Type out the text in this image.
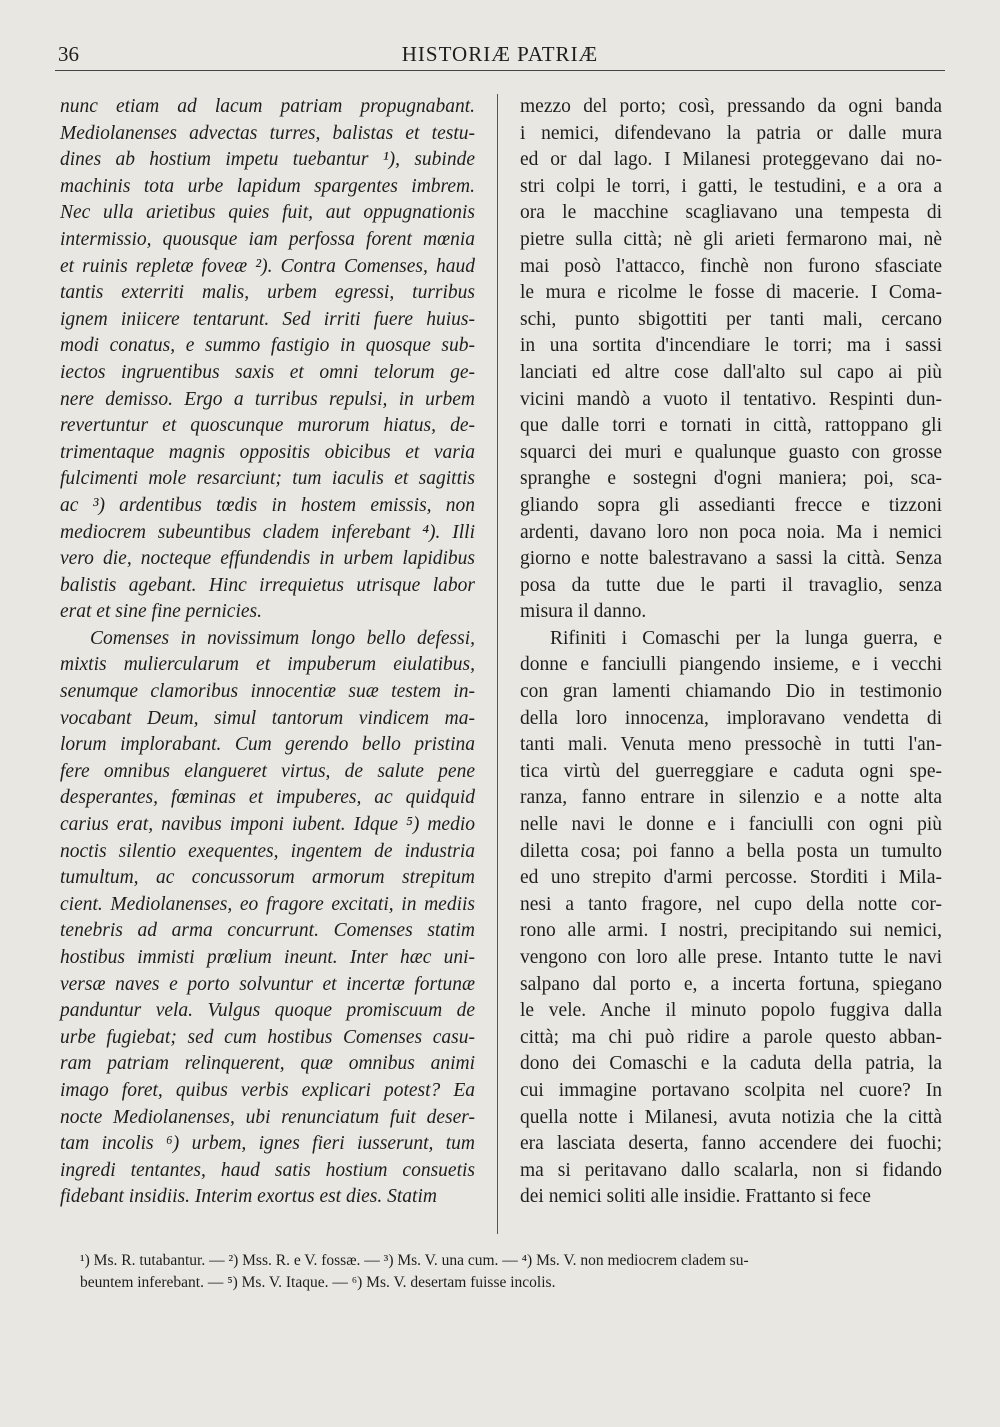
36	HISTORIÆ PATRIÆ
nunc etiam ad lacum patriam propugnabant.
Mediolanenses advectas turres, balistas et testu-
dines ab hostium impetu tuebantur ¹), subinde
machinis tota urbe lapidum spargentes imbrem.
Nec ulla arietibus quies fuit, aut oppugnationis
intermissio, quousque iam perfossa forent mœnia
et ruinis repletæ foveæ ²). Contra Comenses, haud
tantis exterriti malis, urbem egressi, turribus
ignem iniicere tentarunt. Sed irriti fuere huius-
modi conatus, e summo fastigio in quosque sub-
iectos ingruentibus saxis et omni telorum ge-
nere demisso. Ergo a turribus repulsi, in urbem
revertuntur et quoscunque murorum hiatus, de-
trimentaque magnis oppositis obicibus et varia
fulcimenti mole resarciunt; tum iaculis et sagittis
ac ³) ardentibus tœdis in hostem emissis, non
mediocrem subeuntibus cladem inferebant ⁴). Illi
vero die, nocteque effundendis in urbem lapidibus
balistis agebant. Hinc irrequietus utrisque labor
erat et sine fine pernicies.
Comenses in novissimum longo bello defessi,
mixtis muliercularum et impuberum eiulatibus,
senumque clamoribus innocentiæ suæ testem in-
vocabant Deum, simul tantorum vindicem ma-
lorum implorabant. Cum gerendo bello pristina
fere omnibus elangueret virtus, de salute pene
desperantes, fœminas et impuberes, ac quidquid
carius erat, navibus imponi iubent. Idque ⁵) medio
noctis silentio exequentes, ingentem de industria
tumultum, ac concussorum armorum strepitum
cient. Mediolanenses, eo fragore excitati, in mediis
tenebris ad arma concurrunt. Comenses statim
hostibus immisti prœlium ineunt. Inter hæc uni-
versæ naves e porto solvuntur et incertæ fortunæ
panduntur vela. Vulgus quoque promiscuum de
urbe fugiebat; sed cum hostibus Comenses casu-
ram patriam relinquerent, quæ omnibus animi
imago foret, quibus verbis explicari potest? Ea
nocte Mediolanenses, ubi renunciatum fuit deser-
tam incolis ⁶) urbem, ignes fieri iusserunt, tum
ingredi tentantes, haud satis hostium consuetis
fidebant insidiis. Interim exortus est dies. Statim
mezzo del porto; così, pressando da ogni banda
i nemici, difendevano la patria or dalle mura
ed or dal lago. I Milanesi proteggevano dai no-
stri colpi le torri, i gatti, le testudini, e a ora a
ora le macchine scagliavano una tempesta di
pietre sulla città; nè gli arieti fermarono mai, nè
mai posò l'attacco, finchè non furono sfasciate
le mura e ricolme le fosse di macerie. I Coma-
schi, punto sbigottiti per tanti mali, cercano
in una sortita d'incendiare le torri; ma i sassi
lanciati ed altre cose dall'alto sul capo ai più
vicini mandò a vuoto il tentativo. Respinti dun-
que dalle torri e tornati in città, rattoppano gli
squarci dei muri e qualunque guasto con grosse
spranghe e sostegni d'ogni maniera; poi, sca-
gliando sopra gli assedianti frecce e tizzoni
ardenti, davano loro non poca noia. Ma i nemici
giorno e notte balestravano a sassi la città. Senza
posa da tutte due le parti il travaglio, senza
misura il danno.
Rifiniti i Comaschi per la lunga guerra, e
donne e fanciulli piangendo insieme, e i vecchi
con gran lamenti chiamando Dio in testimonio
della loro innocenza, imploravano vendetta di
tanti mali. Venuta meno pressochè in tutti l'an-
tica virtù del guerreggiare e caduta ogni spe-
ranza, fanno entrare in silenzio e a notte alta
nelle navi le donne e i fanciulli con ogni più
diletta cosa; poi fanno a bella posta un tumulto
ed uno strepito d'armi percosse. Storditi i Mila-
nesi a tanto fragore, nel cupo della notte cor-
rono alle armi. I nostri, precipitando sui nemici,
vengono con loro alle prese. Intanto tutte le navi
salpano dal porto e, a incerta fortuna, spiegano
le vele. Anche il minuto popolo fuggiva dalla
città; ma chi può ridire a parole questo abban-
dono dei Comaschi e la caduta della patria, la
cui immagine portavano scolpita nel cuore? In
quella notte i Milanesi, avuta notizia che la città
era lasciata deserta, fanno accendere dei fuochi;
ma si peritavano dallo scalarla, non si fidando
dei nemici soliti alle insidie. Frattanto si fece
¹) Ms. R. tutabantur. — ²) Mss. R. e V. fossæ. — ³) Ms. V. una cum. — ⁴) Ms. V. non mediocrem cladem su-
beuntem inferebant. — ⁵) Ms. V. Itaque. — ⁶) Ms. V. desertam fuisse incolis.
